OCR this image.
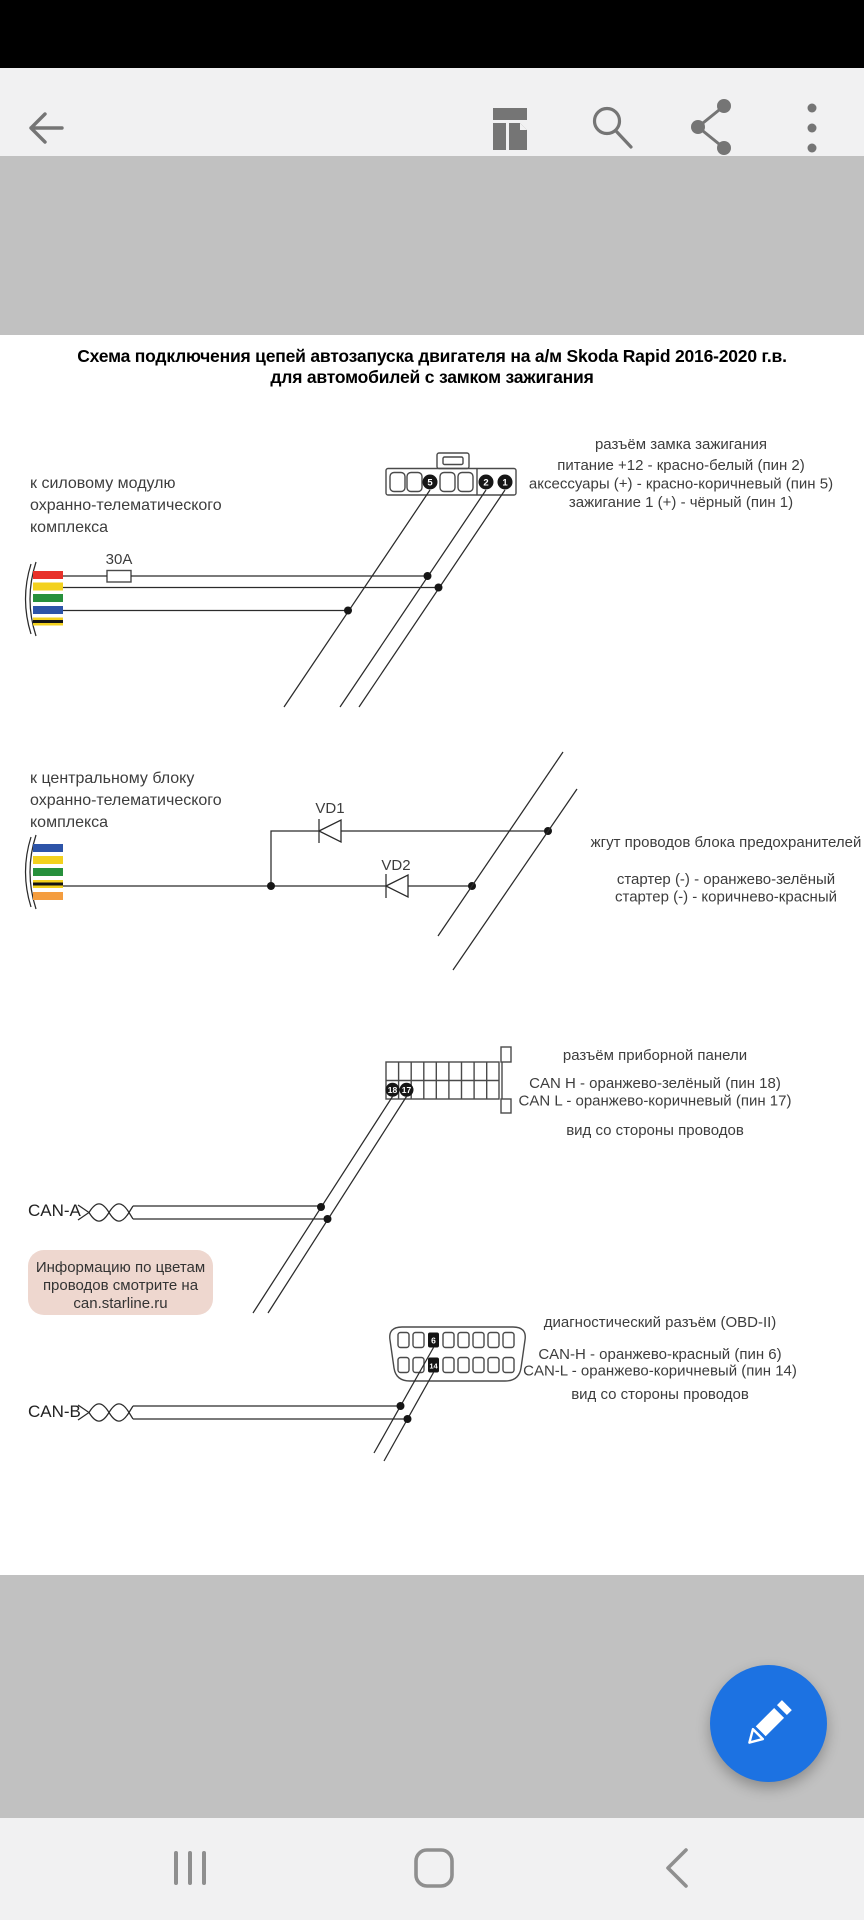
Схема подключения цепей автозапуска двигателя на а/м Skoda Rapid 2016-2020 г.в.
для автомобилей с замком зажигания
к силовому модулю
охранно-телематического
комплекса
30А
5	2 1
разъём замка зажигания
питание +12 - красно-белый (пин 2)
аксессуары (+) - красно-коричневый (пин 5)
зажигание 1 (+) - чёрный (пин 1)
к центральному блоку
охранно-телематического
комплекса
VD1
VD2
жгут проводов блока предохранителей
стартер (-) - оранжево-зелёный
стартер (-) - коричнево-красный
18 17
CAN-A
разъём приборной панели
CAN H - оранжево-зелёный (пин 18)
CAN L - оранжево-коричневый (пин 17)
вид со стороны проводов
Информацию по цветам
проводов смотрите на
can.starline.ru
6
14
CAN-B
диагностический разъём (OBD-II)
CAN-H - оранжево-красный (пин 6)
CAN-L - оранжево-коричневый (пин 14)
вид со стороны проводов
